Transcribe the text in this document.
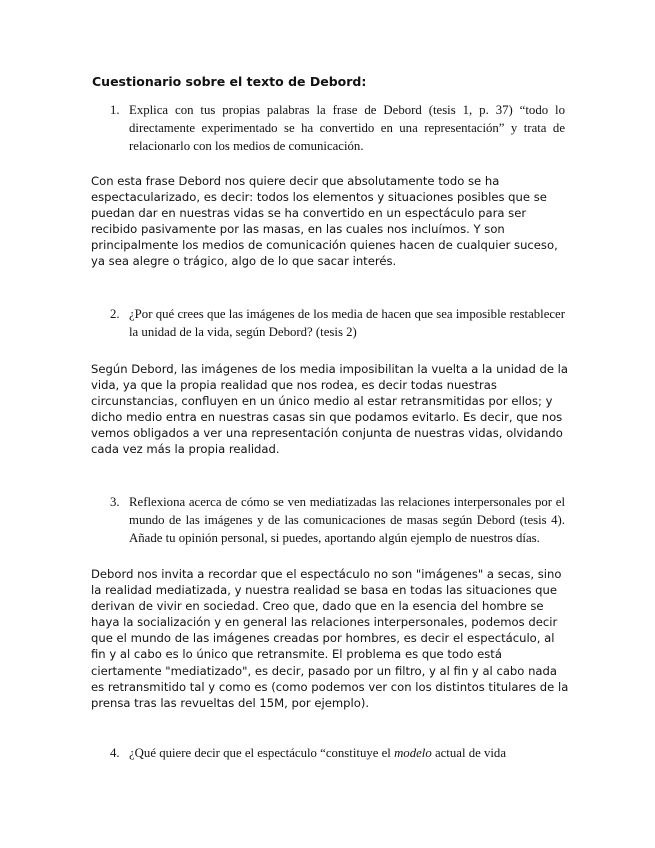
Cuestionario sobre el texto de Debord:
1. Explica con tus propias palabras la frase de Debord (tesis 1, p. 37) “todo lo directamente experimentado se ha convertido en una representación” y trata de relacionarlo con los medios de comunicación.

Con esta frase Debord nos quiere decir que absolutamente todo se ha espectacularizado, es decir: todos los elementos y situaciones posibles que se puedan dar en nuestras vidas se ha convertido en un espectáculo para ser recibido pasivamente por las masas, en las cuales nos incluímos. Y son principalmente los medios de comunicación quienes hacen de cualquier suceso, ya sea alegre o trágico, algo de lo que sacar interés.

2. ¿Por qué crees que las imágenes de los media de hacen que sea imposible restablecer la unidad de la vida, según Debord? (tesis 2)

Según Debord, las imágenes de los media imposibilitan la vuelta a la unidad de la vida, ya que la propia realidad que nos rodea, es decir todas nuestras circunstancias, confluyen en un único medio al estar retransmitidas por ellos; y dicho medio entra en nuestras casas sin que podamos evitarlo. Es decir, que nos vemos obligados a ver una representación conjunta de nuestras vidas, olvidando cada vez más la propia realidad.

3. Reflexiona acerca de cómo se ven mediatizadas las relaciones interpersonales por el mundo de las imágenes y de las comunicaciones de masas según Debord (tesis 4). Añade tu opinión personal, si puedes, aportando algún ejemplo de nuestros días.

Debord nos invita a recordar que el espectáculo no son "imágenes" a secas, sino la realidad mediatizada, y nuestra realidad se basa en todas las situaciones que derivan de vivir en sociedad. Creo que, dado que en la esencia del hombre se haya la socialización y en general las relaciones interpersonales, podemos decir que el mundo de las imágenes creadas por hombres, es decir el espectáculo, al fin y al cabo es lo único que retransmite. El problema es que todo está ciertamente "mediatizado", es decir, pasado por un filtro, y al fin y al cabo nada es retransmitido tal y como es (como podemos ver con los distintos titulares de la prensa tras las revueltas del 15M, por ejemplo).

4. ¿Qué quiere decir que el espectáculo “constituye el modelo actual de vida
